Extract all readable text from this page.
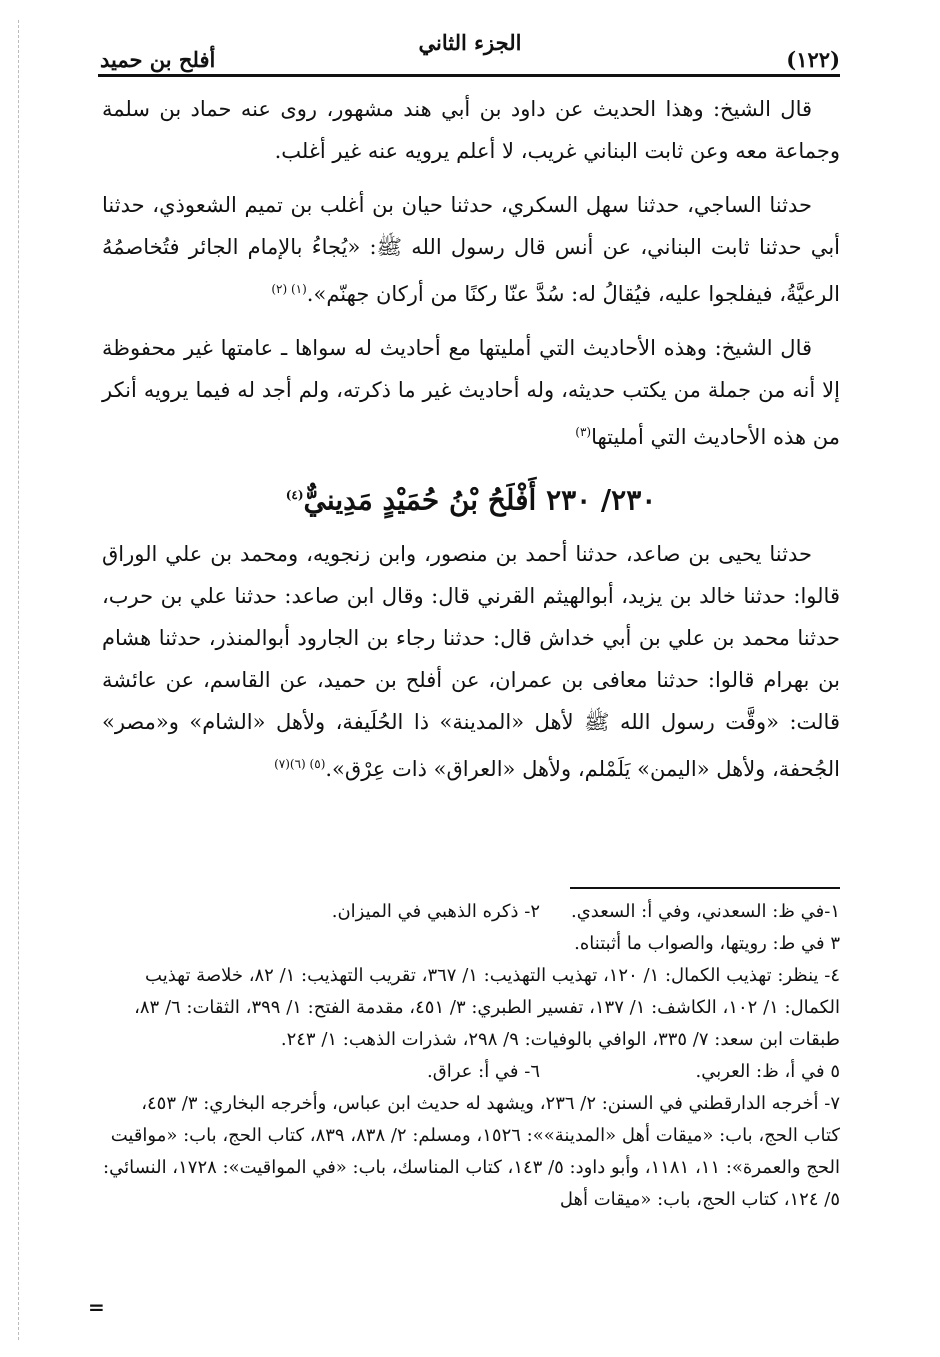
(١٢٢)
الجزء الثاني
أفلح بن حميد

قال الشيخ: وهذا الحديث عن داود بن أبي هند مشهور، روى عنه حماد بن سلمة وجماعة معه وعن ثابت البناني غريب، لا أعلم يرويه عنه غير أغلب.

حدثنا الساجي، حدثنا سهل السكري، حدثنا حيان بن أغلب بن تميم الشعوذي، حدثنا أبي حدثنا ثابت البناني، عن أنس قال رسول الله ﷺ: «يُجاءُ بالإمام الجائر فتُخاصمُهُ الرعيَّةُ، فيفلجوا عليه، فيُقالُ له: سُدَّ عنّا ركنًا من أركان جهنّم».$^{(١) (٢)}$

قال الشيخ: وهذه الأحاديث التي أمليتها مع أحاديث له سواها ـ عامتها غير محفوظة إلا أنه من جملة من يكتب حديثه، وله أحاديث غير ما ذكرته، ولم أجد له فيما يرويه أنكر من هذه الأحاديث التي أمليتها$^{(٣)}$

٢٣٠/ ٢٣٠ أَفْلَحُ بْنُ حُمَيْدٍ مَدِينيٌّ$^{(٤)}$

حدثنا يحيى بن صاعد، حدثنا أحمد بن منصور، وابن زنجويه، ومحمد بن علي الوراق قالوا: حدثنا خالد بن يزيد، أبوالهيثم القرني قال: وقال ابن صاعد: حدثنا علي بن حرب، حدثنا محمد بن علي بن أبي خداش قال: حدثنا رجاء بن الجارود أبوالمنذر، حدثنا هشام بن بهرام قالوا: حدثنا معافى بن عمران، عن أفلح بن حميد، عن القاسم، عن عائشة قالت: «وقَّت رسول الله ﷺ لأهل «المدينة» ذا الحُلَيفة، ولأهل «الشام» و«مصر» الجُحفة، ولأهل «اليمن» يَلَمْلم، ولأهل «العراق» ذات عِرْق».$^{(٥) (٦)(٧)}$

١-في ظ: السعدني، وفي أ: السعدي.
٢- ذكره الذهبي في الميزان.
٣ في ط: رويتها، والصواب ما أثبتناه.
٤- ينظر: تهذيب الكمال: ١/ ١٢٠، تهذيب التهذيب: ١/ ٣٦٧، تقريب التهذيب: ١/ ٨٢، خلاصة تهذيب الكمال: ١/ ١٠٢، الكاشف: ١/ ١٣٧، تفسير الطبري: ٣/ ٤٥١، مقدمة الفتح: ١/ ٣٩٩، الثقات: ٦/ ٨٣، طبقات ابن سعد: ٧/ ٣٣٥، الوافي بالوفيات: ٩/ ٢٩٨، شذرات الذهب: ١/ ٢٤٣.
٥ في أ، ظ: العربي.
٦- في أ: عراق.
٧- أخرجه الدارقطني في السنن: ٢/ ٢٣٦، ويشهد له حديث ابن عباس، وأخرجه البخاري: ٣/ ٤٥٣، كتاب الحج، باب: «ميقات أهل «المدينة»»: ١٥٢٦، ومسلم: ٢/ ٨٣٨، ٨٣٩، كتاب الحج، باب: «مواقيت الحج والعمرة»: ١١، ١١٨١، وأبو داود: ٥/ ١٤٣، كتاب المناسك، باب: «في المواقيت»: ١٧٢٨، النسائي: ٥/ ١٢٤، كتاب الحج، باب: «ميقات أهل
=
